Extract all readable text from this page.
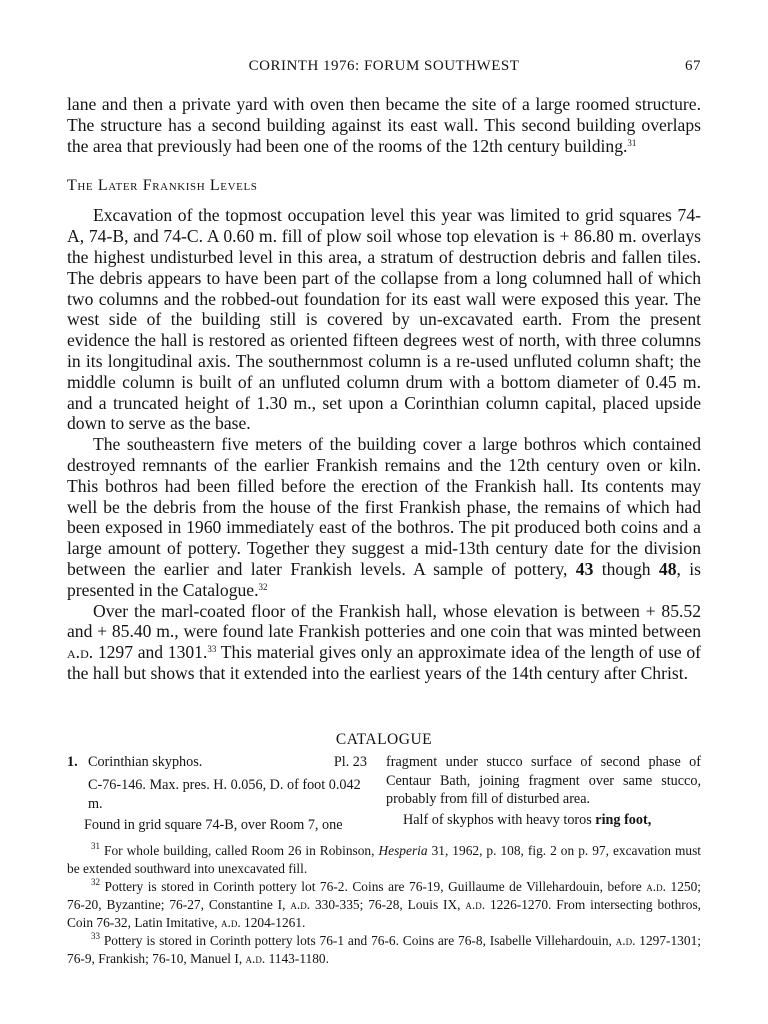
CORINTH 1976: FORUM SOUTHWEST	67

lane and then a private yard with oven then became the site of a large roomed structure. The structure has a second building against its east wall. This second building overlaps the area that previously had been one of the rooms of the 12th century building.$^{31}$

The Later Frankish Levels

Excavation of the topmost occupation level this year was limited to grid squares 74-A, 74-B, and 74-C. A 0.60 m. fill of plow soil whose top elevation is + 86.80 m. overlays the highest undisturbed level in this area, a stratum of destruction debris and fallen tiles. The debris appears to have been part of the collapse from a long columned hall of which two columns and the robbed-out foundation for its east wall were exposed this year. The west side of the building still is covered by un-excavated earth. From the present evidence the hall is restored as oriented fifteen degrees west of north, with three columns in its longitudinal axis. The southernmost column is a re-used unfluted column shaft; the middle column is built of an unfluted column drum with a bottom diameter of 0.45 m. and a truncated height of 1.30 m., set upon a Corinthian column capital, placed upside down to serve as the base.

The southeastern five meters of the building cover a large bothros which contained destroyed remnants of the earlier Frankish remains and the 12th century oven or kiln. This bothros had been filled before the erection of the Frankish hall. Its contents may well be the debris from the house of the first Frankish phase, the remains of which had been exposed in 1960 immediately east of the bothros. The pit produced both coins and a large amount of pottery. Together they suggest a mid-13th century date for the division between the earlier and later Frankish levels. A sample of pottery, 43 though 48, is presented in the Catalogue.$^{32}$

Over the marl-coated floor of the Frankish hall, whose elevation is between + 85.52 and + 85.40 m., were found late Frankish potteries and one coin that was minted between a.d. 1297 and 1301.33 This material gives only an approximate idea of the length of use of the hall but shows that it extended into the earliest years of the 14th century after Christ.

CATALOGUE
1. Corinthian skyphos.	Pl. 23

C-76-146. Max. pres. H. 0.056, D. of foot 0.042 m.

Found in grid square 74-B, over Room 7, one

fragment under stucco surface of second phase of Centaur Bath, joining fragment over same stucco, probably from fill of disturbed area.

Half of skyphos with heavy toros ring foot,

$^{31}$ For whole building, called Room 26 in Robinson, Hesperia 31, 1962, p. 108, fig. 2 on p. 97, excavation must be extended southward into unexcavated fill.

$^{32}$ Pottery is stored in Corinth pottery lot 76-2. Coins are 76-19, Guillaume de Villehardouin, before a.d. 1250; 76-20, Byzantine; 76-27, Constantine I, a.d. 330-335; 76-28, Louis IX, a.d. 1226-1270. From intersecting bothros, Coin 76-32, Latin Imitative, a.d. 1204-1261.

$^{33}$ Pottery is stored in Corinth pottery lots 76-1 and 76-6. Coins are 76-8, Isabelle Villehardouin, a.d. 1297-1301; 76-9, Frankish; 76-10, Manuel I, a.d. 1143-1180.
